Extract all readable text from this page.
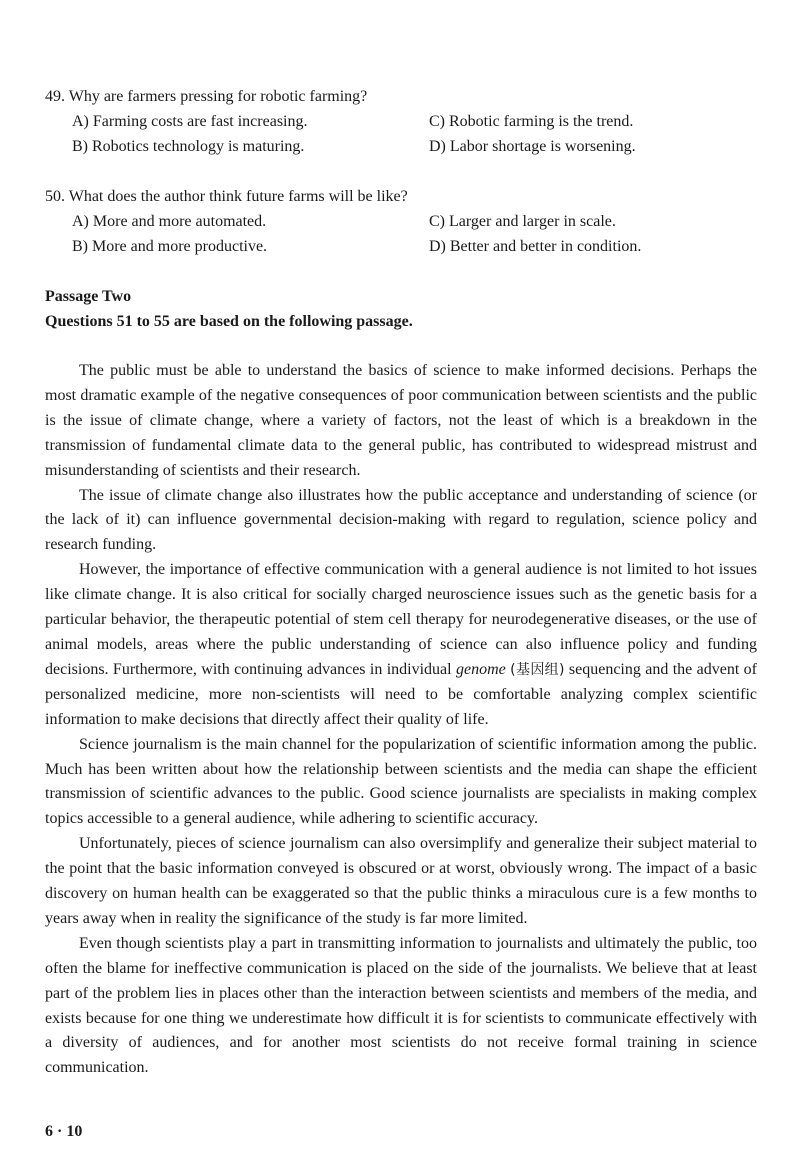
49. Why are farmers pressing for robotic farming?

A) Farming costs are fast increasing.	C) Robotic farming is the trend.
B) Robotics technology is maturing.	D) Labor shortage is worsening.

50. What does the author think future farms will be like?

A) More and more automated.	C) Larger and larger in scale.
B) More and more productive.	D) Better and better in condition.
Passage Two
Questions 51 to 55 are based on the following passage.

The public must be able to understand the basics of science to make informed decisions. Perhaps the most dramatic example of the negative consequences of poor communication between scientists and the public is the issue of climate change, where a variety of factors, not the least of which is a breakdown in the transmission of fundamental climate data to the general public, has contributed to widespread mistrust and misunderstanding of scientists and their research.

The issue of climate change also illustrates how the public acceptance and understanding of science (or the lack of it) can influence governmental decision-making with regard to regulation, science policy and research funding.

However, the importance of effective communication with a general audience is not limited to hot issues like climate change. It is also critical for socially charged neuroscience issues such as the genetic basis for a particular behavior, the therapeutic potential of stem cell therapy for neurodegenerative diseases, or the use of animal models, areas where the public understanding of science can also influence policy and funding decisions. Furthermore, with continuing advances in individual genome (基因组) sequencing and the advent of personalized medicine, more non-scientists will need to be comfortable analyzing complex scientific information to make decisions that directly affect their quality of life.

Science journalism is the main channel for the popularization of scientific information among the public. Much has been written about how the relationship between scientists and the media can shape the efficient transmission of scientific advances to the public. Good science journalists are specialists in making complex topics accessible to a general audience, while adhering to scientific accuracy.

Unfortunately, pieces of science journalism can also oversimplify and generalize their subject material to the point that the basic information conveyed is obscured or at worst, obviously wrong. The impact of a basic discovery on human health can be exaggerated so that the public thinks a miraculous cure is a few months to years away when in reality the significance of the study is far more limited.

Even though scientists play a part in transmitting information to journalists and ultimately the public, too often the blame for ineffective communication is placed on the side of the journalists. We believe that at least part of the problem lies in places other than the interaction between scientists and members of the media, and exists because for one thing we underestimate how difficult it is for scientists to communicate effectively with a diversity of audiences, and for another most scientists do not receive formal training in science communication.

6 · 10
